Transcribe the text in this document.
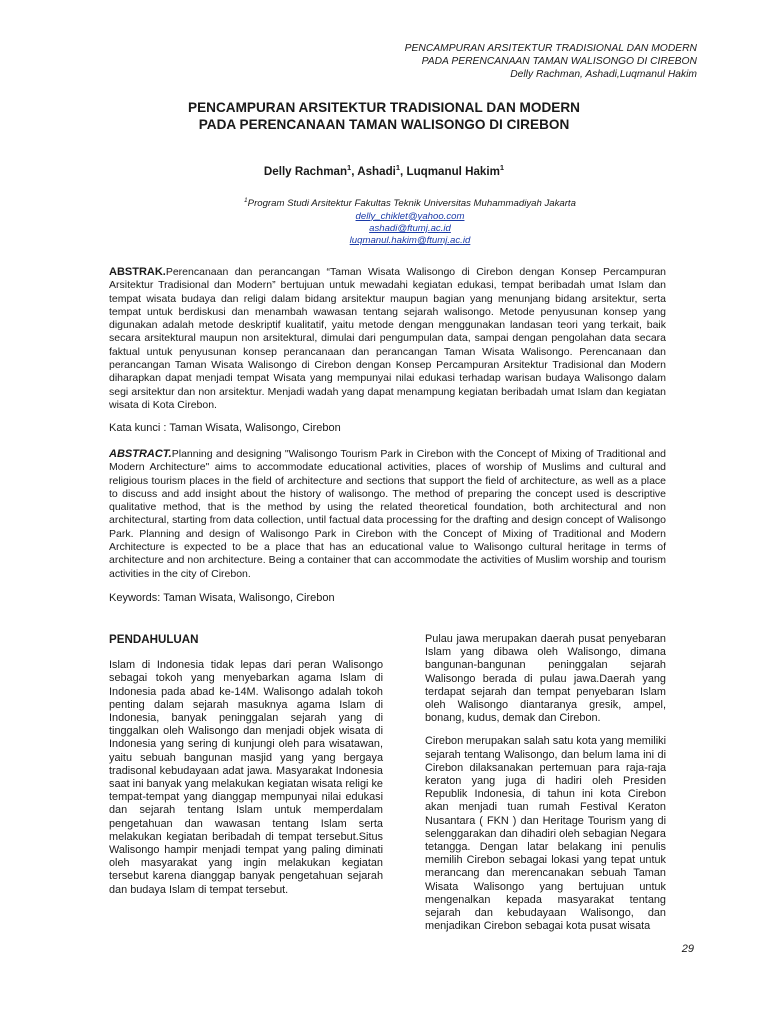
PENCAMPURAN ARSITEKTUR TRADISIONAL DAN MODERN
PADA PERENCANAAN TAMAN WALISONGO DI CIREBON
Delly Rachman, Ashadi,Luqmanul Hakim
PENCAMPURAN ARSITEKTUR TRADISIONAL DAN MODERN
PADA PERENCANAAN TAMAN WALISONGO DI CIREBON
Delly Rachman$^1$, Ashadi$^1$, Luqmanul Hakim$^1$
$^1$Program Studi Arsitektur Fakultas Teknik Universitas Muhammadiyah Jakarta
delly_chiklet@yahoo.com
ashadi@ftumj.ac.id
luqmanul.hakim@ftumj.ac.id
ABSTRAK.Perencanaan dan perancangan “Taman Wisata Walisongo di Cirebon dengan Konsep Percampuran Arsitektur Tradisional dan Modern” bertujuan untuk mewadahi kegiatan edukasi, tempat beribadah umat Islam dan tempat wisata budaya dan religi dalam bidang arsitektur maupun bagian yang menunjang bidang arsitektur, serta tempat untuk berdiskusi dan menambah wawasan tentang sejarah walisongo. Metode penyusunan konsep yang digunakan adalah metode deskriptif kualitatif, yaitu metode dengan menggunakan landasan teori yang terkait, baik secara arsitektural maupun non arsitektural, dimulai dari pengumpulan data, sampai dengan pengolahan data secara faktual untuk penyusunan konsep perancanaan dan perancangan Taman Wisata Walisongo. Perencanaan dan perancangan Taman Wisata Walisongo di Cirebon dengan Konsep Percampuran Arsitektur Tradisional dan Modern diharapkan dapat menjadi tempat Wisata yang mempunyai nilai edukasi terhadap warisan budaya Walisongo dalam segi arsitektur dan non arsitektur. Menjadi wadah yang dapat menampung kegiatan beribadah umat Islam dan kegiatan wisata di Kota Cirebon.
Kata kunci : Taman Wisata, Walisongo, Cirebon
ABSTRACT.Planning and designing "Walisongo Tourism Park in Cirebon with the Concept of Mixing of Traditional and Modern Architecture" aims to accommodate educational activities, places of worship of Muslims and cultural and religious tourism places in the field of architecture and sections that support the field of architecture, as well as a place to discuss and add insight about the history of walisongo. The method of preparing the concept used is descriptive qualitative method, that is the method by using the related theoretical foundation, both architectural and non architectural, starting from data collection, until factual data processing for the drafting and design concept of Walisongo Park. Planning and design of Walisongo Park in Cirebon with the Concept of Mixing of Traditional and Modern Architecture is expected to be a place that has an educational value to Walisongo cultural heritage in terms of architecture and non architecture. Being a container that can accommodate the activities of Muslim worship and tourism activities in the city of Cirebon.
Keywords: Taman Wisata, Walisongo, Cirebon
PENDAHULUAN

Islam di Indonesia tidak lepas dari peran Walisongo sebagai tokoh yang menyebarkan agama Islam di Indonesia pada abad ke-14M. Walisongo adalah tokoh penting dalam sejarah masuknya agama Islam di Indonesia, banyak peninggalan sejarah yang di tinggalkan oleh Walisongo dan menjadi objek wisata di Indonesia yang sering di kunjungi oleh para wisatawan, yaitu sebuah bangunan masjid yang yang bergaya tradisonal kebudayaan adat jawa. Masyarakat Indonesia saat ini banyak yang melakukan kegiatan wisata religi ke tempat-tempat yang dianggap mempunyai nilai edukasi dan sejarah tentang Islam untuk memperdalam pengetahuan dan wawasan tentang Islam serta melakukan kegiatan beribadah di tempat tersebut.Situs Walisongo hampir menjadi tempat yang paling diminati oleh masyarakat yang ingin melakukan kegiatan tersebut karena dianggap banyak pengetahuan sejarah dan budaya Islam di tempat tersebut.

Pulau jawa merupakan daerah pusat penyebaran Islam yang dibawa oleh Walisongo, dimana bangunan-bangunan peninggalan sejarah Walisongo berada di pulau jawa.Daerah yang terdapat sejarah dan tempat penyebaran Islam oleh Walisongo diantaranya gresik, ampel, bonang, kudus, demak dan Cirebon.

Cirebon merupakan salah satu kota yang memiliki sejarah tentang Walisongo, dan belum lama ini di Cirebon dilaksanakan pertemuan para raja-raja keraton yang juga di hadiri oleh Presiden Republik Indonesia, di tahun ini kota Cirebon akan menjadi tuan rumah Festival Keraton Nusantara ( FKN ) dan Heritage Tourism yang di selenggarakan dan dihadiri oleh sebagian Negara tetangga. Dengan latar belakang ini penulis memilih Cirebon sebagai lokasi yang tepat untuk merancang dan merencanakan sebuah Taman Wisata Walisongo yang bertujuan untuk mengenalkan kepada masyarakat tentang sejarah dan kebudayaan Walisongo, dan menjadikan Cirebon sebagai kota pusat wisata

29
